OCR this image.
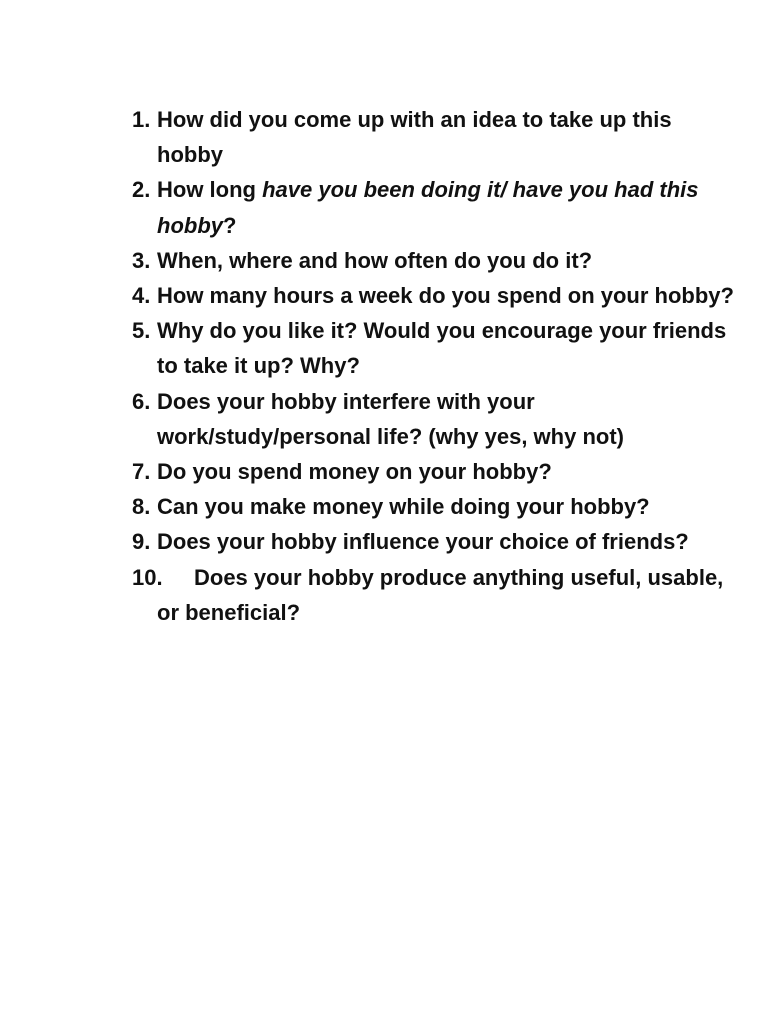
1. How did you come up with an idea to take up this hobby
2. How long have you been doing it/ have you had this hobby?
3. When, where and how often do you do it?
4. How many hours a week do you spend on your hobby?
5. Why do you like it? Would you encourage your friends to take it up? Why?
6. Does your hobby interfere with your work/study/personal life? (why yes, why not)
7. Do you spend money on your hobby?
8. Can you make money while doing your hobby?
9. Does your hobby influence your choice of friends?
10.	Does your hobby produce anything useful, usable, or beneficial?
